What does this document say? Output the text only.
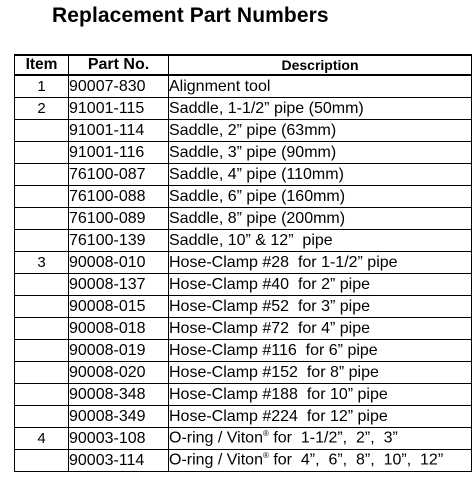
Replacement Part Numbers
Item	Part No.	Description
1	90007-830	Alignment tool
2	91001-115	Saddle, 1-1/2” pipe (50mm)
	91001-114	Saddle, 2” pipe (63mm)
	91001-116	Saddle, 3” pipe (90mm)
	76100-087	Saddle, 4” pipe (110mm)
	76100-088	Saddle, 6” pipe (160mm)
	76100-089	Saddle, 8” pipe (200mm)
	76100-139	Saddle, 10” & 12”  pipe
3	90008-010	Hose-Clamp #28  for 1-1/2” pipe
	90008-137	Hose-Clamp #40  for 2” pipe
	90008-015	Hose-Clamp #52  for 3” pipe
	90008-018	Hose-Clamp #72  for 4” pipe
	90008-019	Hose-Clamp #116  for 6” pipe
	90008-020	Hose-Clamp #152  for 8” pipe
	90008-348	Hose-Clamp #188  for 10” pipe
	90008-349	Hose-Clamp #224  for 12” pipe
4	90003-108	O-ring / Viton® for  1-1/2”,  2”,  3”
	90003-114	O-ring / Viton® for  4”,  6”,  8”,  10”,  12”
